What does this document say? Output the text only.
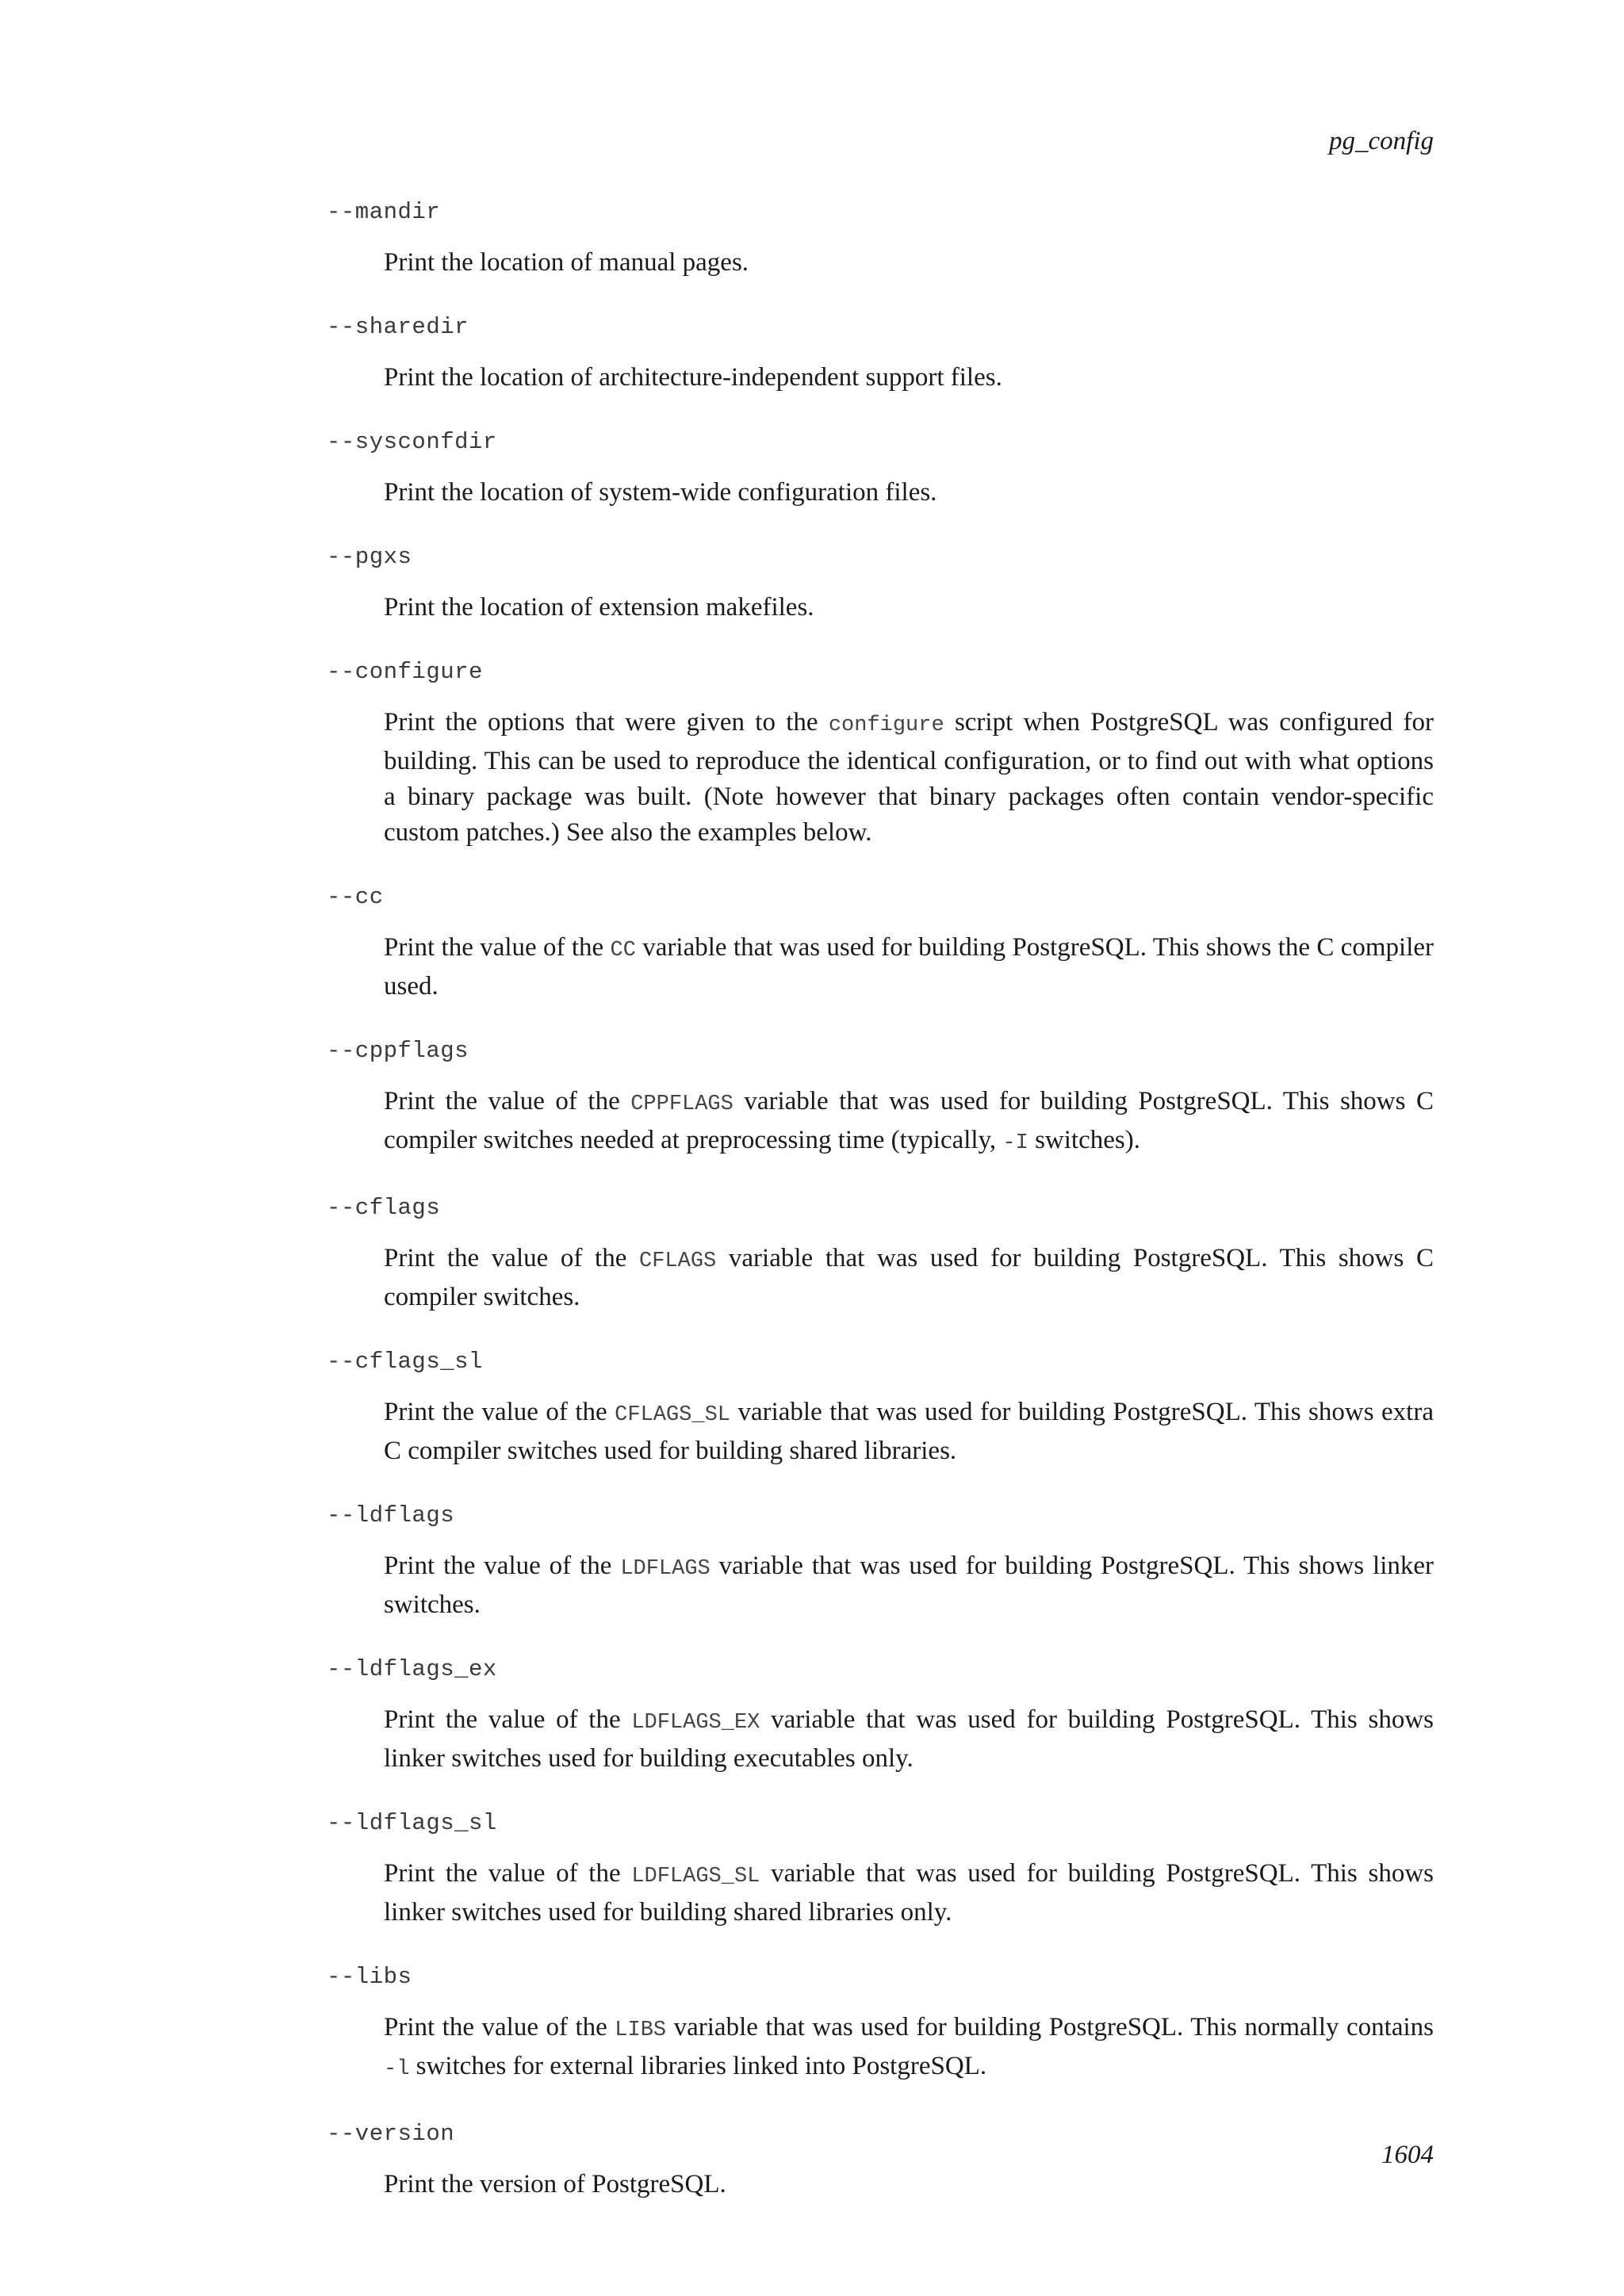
pg_config
--mandir
Print the location of manual pages.
--sharedir
Print the location of architecture-independent support files.
--sysconfdir
Print the location of system-wide configuration files.
--pgxs
Print the location of extension makefiles.
--configure
Print the options that were given to the configure script when PostgreSQL was configured for building. This can be used to reproduce the identical configuration, or to find out with what options a binary package was built. (Note however that binary packages often contain vendor-specific custom patches.) See also the examples below.
--cc
Print the value of the CC variable that was used for building PostgreSQL. This shows the C compiler used.
--cppflags
Print the value of the CPPFLAGS variable that was used for building PostgreSQL. This shows C compiler switches needed at preprocessing time (typically, -I switches).
--cflags
Print the value of the CFLAGS variable that was used for building PostgreSQL. This shows C compiler switches.
--cflags_sl
Print the value of the CFLAGS_SL variable that was used for building PostgreSQL. This shows extra C compiler switches used for building shared libraries.
--ldflags
Print the value of the LDFLAGS variable that was used for building PostgreSQL. This shows linker switches.
--ldflags_ex
Print the value of the LDFLAGS_EX variable that was used for building PostgreSQL. This shows linker switches used for building executables only.
--ldflags_sl
Print the value of the LDFLAGS_SL variable that was used for building PostgreSQL. This shows linker switches used for building shared libraries only.
--libs
Print the value of the LIBS variable that was used for building PostgreSQL. This normally contains -l switches for external libraries linked into PostgreSQL.
--version
Print the version of PostgreSQL.
1604
